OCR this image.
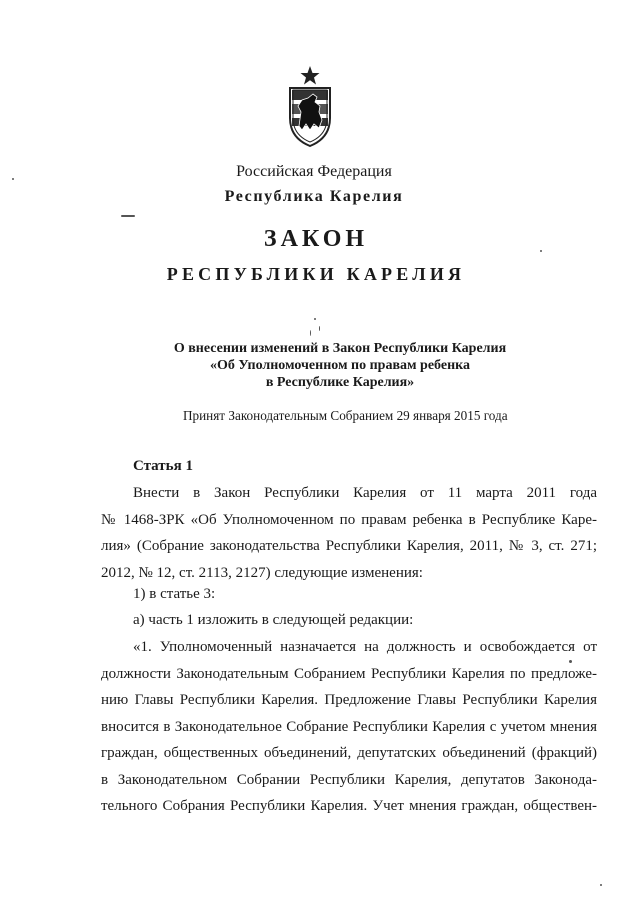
Российская Федерация
Республика Карелия
ЗАКОН
РЕСПУБЛИКИ КАРЕЛИЯ
О внесении изменений в Закон Республики Карелия
«Об Уполномоченном по правам ребенка
в Республике Карелия»
Принят Законодательным Собранием 29 января 2015 года
Статья 1
Внести в Закон Республики Карелия от 11 марта 2011 года
№ 1468-ЗРК «Об Уполномоченном по правам ребенка в Республике Каре-
лия» (Собрание законодательства Республики Карелия, 2011, № 3, ст. 271;
2012, № 12, ст. 2113, 2127) следующие изменения:
1) в статье 3:
а) часть 1 изложить в следующей редакции:
«1. Уполномоченный назначается на должность и освобождается от
должности Законодательным Собранием Республики Карелия по предложе-
нию Главы Республики Карелия. Предложение Главы Республики Карелия
вносится в Законодательное Собрание Республики Карелия с учетом мнения
граждан, общественных объединений, депутатских объединений (фракций)
в Законодательном Собрании Республики Карелия, депутатов Законода-
тельного Собрания Республики Карелия. Учет мнения граждан, обществен-
